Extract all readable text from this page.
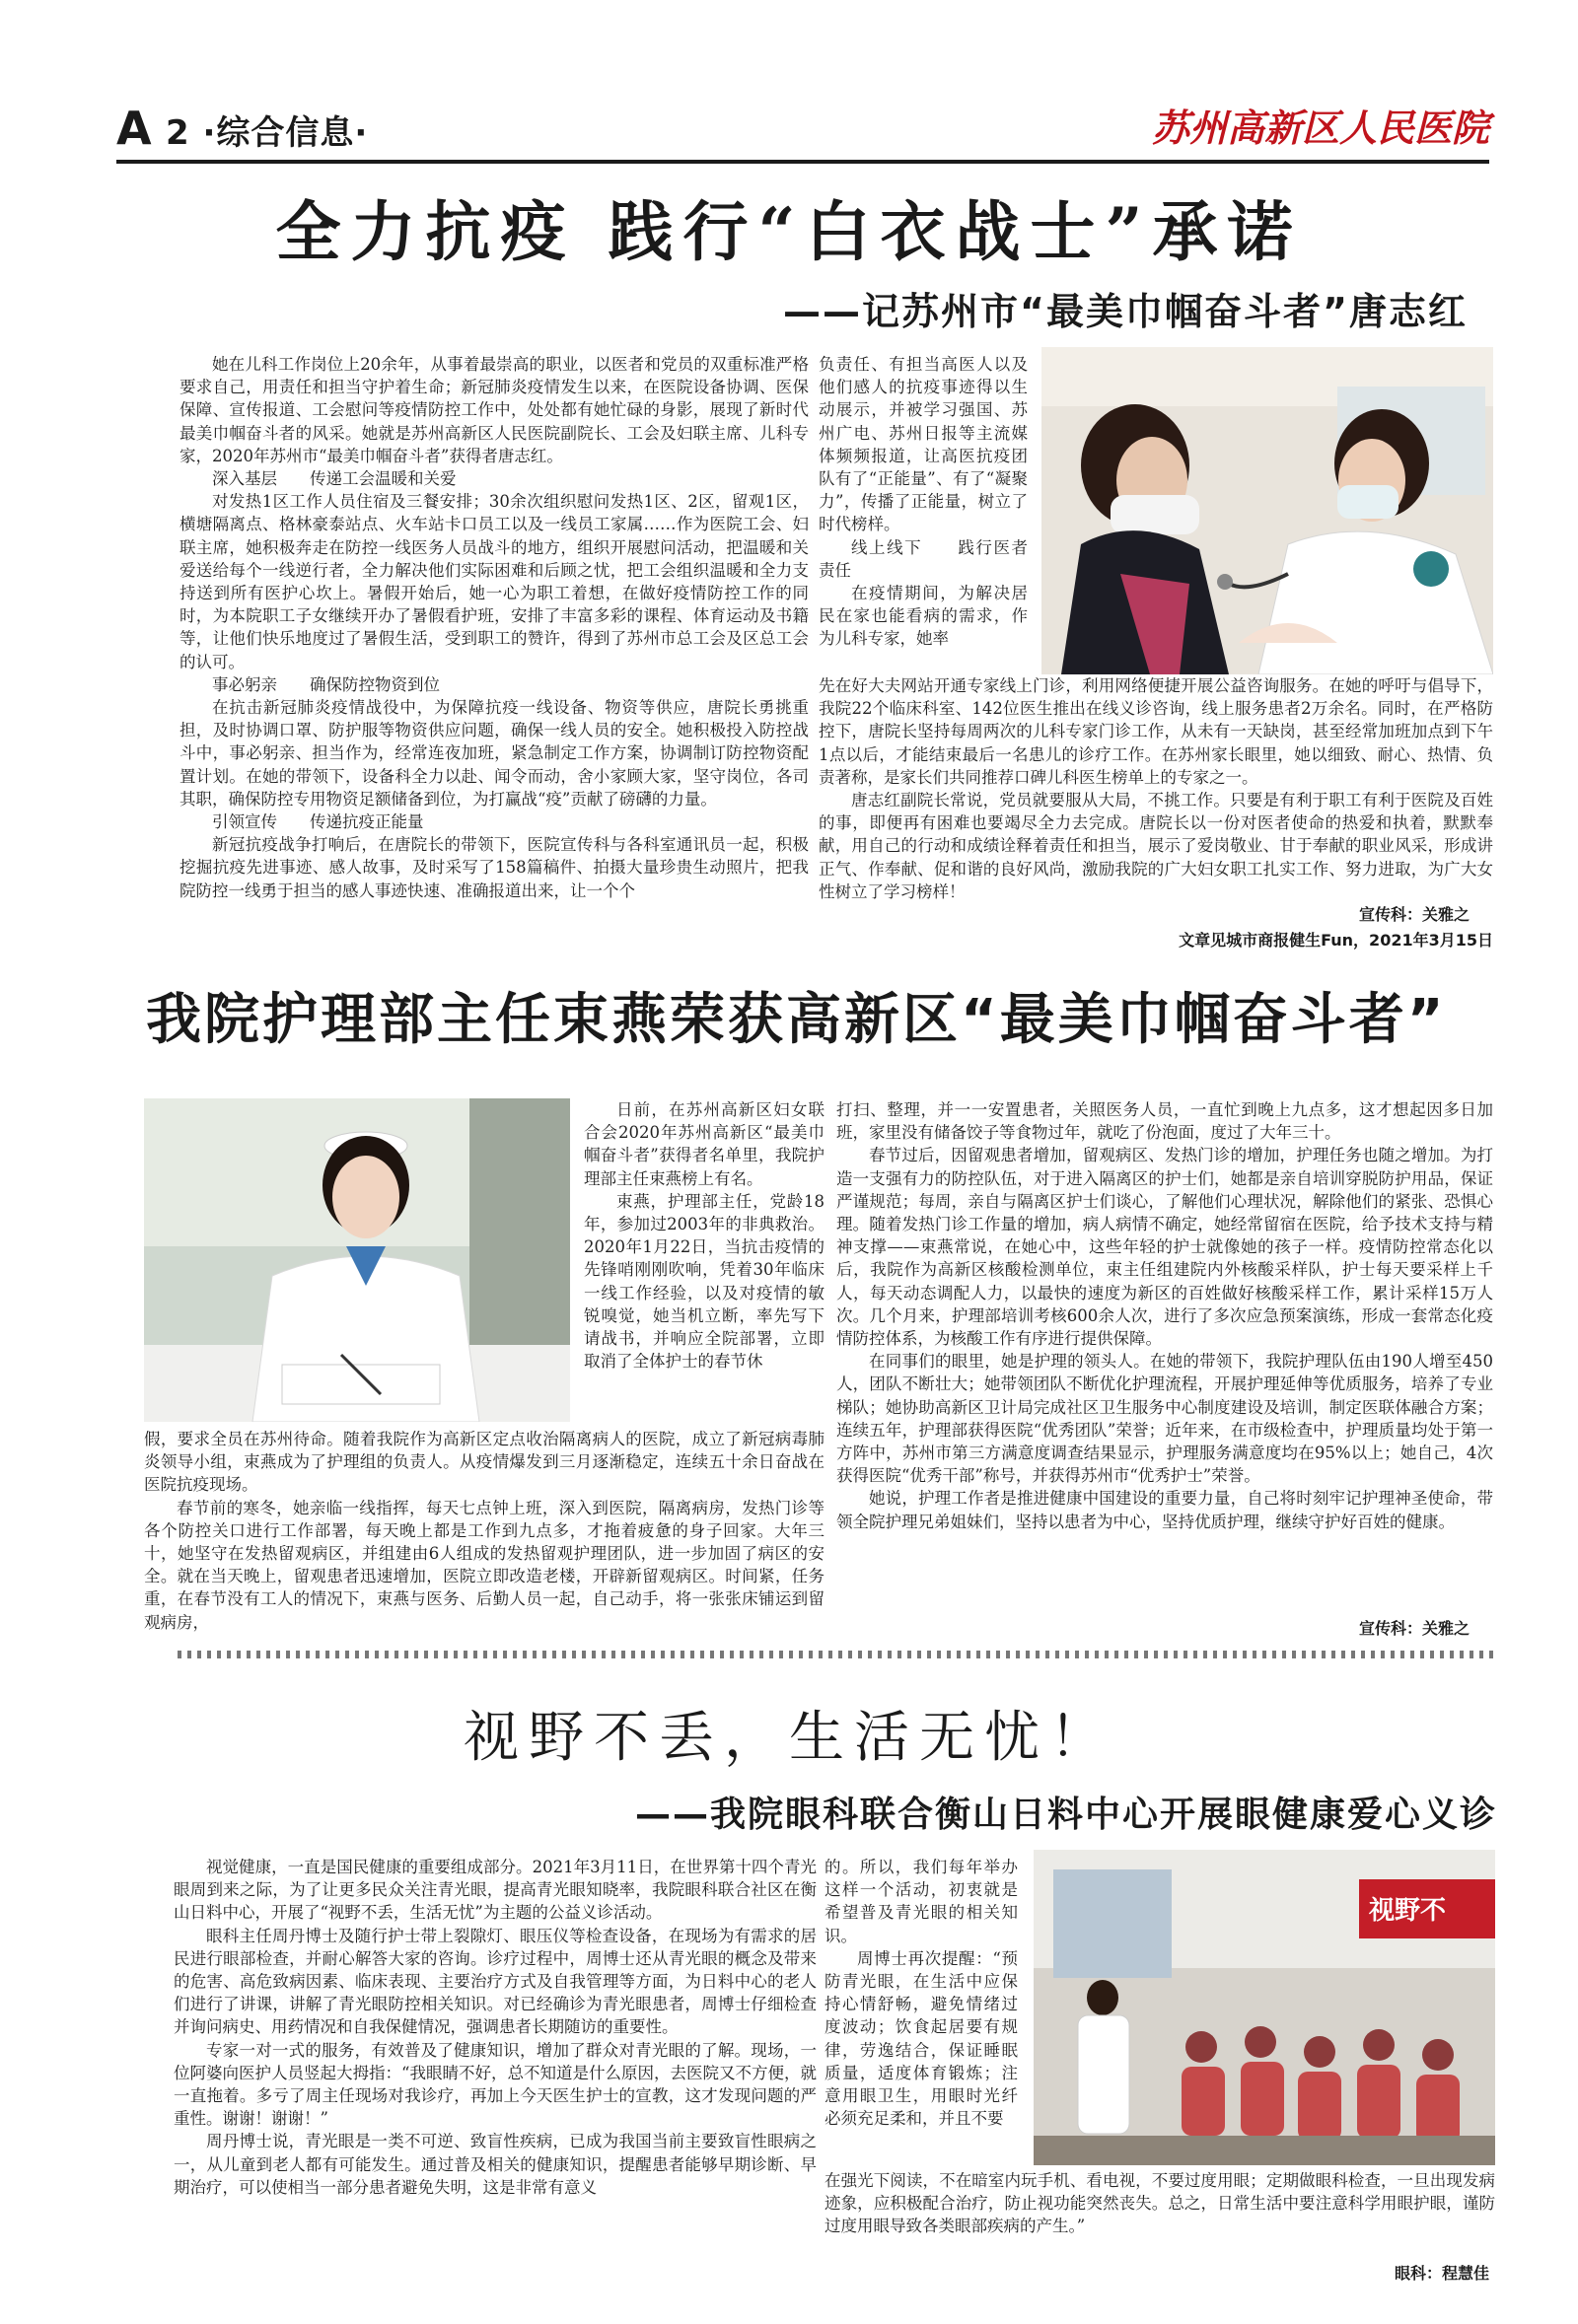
A 2 ·综合信息·	苏州高新区人民医院
全力抗疫 践行“白衣战士”承诺
——记苏州市“最美巾帼奋斗者”唐志红

她在儿科工作岗位上20余年，从事着最崇高的职业，以医者和党员的双重标准严格要求自己，用责任和担当守护着生命；新冠肺炎疫情发生以来，在医院设备协调、医保保障、宣传报道、工会慰问等疫情防控工作中，处处都有她忙碌的身影，展现了新时代最美巾帼奋斗者的风采。她就是苏州高新区人民医院副院长、工会及妇联主席、儿科专家，2020年苏州市“最美巾帼奋斗者”获得者唐志红。

深入基层　　传递工会温暖和关爱

对发热1区工作人员住宿及三餐安排；30余次组织慰问发热1区、2区，留观1区，横塘隔离点、格林豪泰站点、火车站卡口员工以及一线员工家属……作为医院工会、妇联主席，她积极奔走在防控一线医务人员战斗的地方，组织开展慰问活动，把温暖和关爱送给每个一线逆行者，全力解决他们实际困难和后顾之忧，把工会组织温暖和全力支持送到所有医护心坎上。暑假开始后，她一心为职工着想，在做好疫情防控工作的同时，为本院职工子女继续开办了暑假看护班，安排了丰富多彩的课程、体育运动及书籍等，让他们快乐地度过了暑假生活，受到职工的赞许，得到了苏州市总工会及区总工会的认可。

事必躬亲　　确保防控物资到位

在抗击新冠肺炎疫情战役中，为保障抗疫一线设备、物资等供应，唐院长勇挑重担，及时协调口罩、防护服等物资供应问题，确保一线人员的安全。她积极投入防控战斗中，事必躬亲、担当作为，经常连夜加班，紧急制定工作方案，协调制订防控物资配置计划。在她的带领下，设备科全力以赴、闻令而动，舍小家顾大家，坚守岗位，各司其职，确保防控专用物资足额储备到位，为打赢战“疫”贡献了磅礴的力量。

引领宣传　　传递抗疫正能量

新冠抗疫战争打响后，在唐院长的带领下，医院宣传科与各科室通讯员一起，积极挖掘抗疫先进事迹、感人故事，及时采写了158篇稿件、拍摄大量珍贵生动照片，把我院防控一线勇于担当的感人事迹快速、准确报道出来，让一个个

负责任、有担当高医人以及他们感人的抗疫事迹得以生动展示，并被学习强国、苏州广电、苏州日报等主流媒体频频报道，让高医抗疫团队有了“正能量”、有了“凝聚力”，传播了正能量，树立了时代榜样。

线上线下　　践行医者责任

在疫情期间，为解决居民在家也能看病的需求，作为儿科专家，她率

先在好大夫网站开通专家线上门诊，利用网络便捷开展公益咨询服务。在她的呼吁与倡导下，我院22个临床科室、142位医生推出在线义诊咨询，线上服务患者2万余名。同时，在严格防控下，唐院长坚持每周两次的儿科专家门诊工作，从未有一天缺岗，甚至经常加班加点到下午1点以后，才能结束最后一名患儿的诊疗工作。在苏州家长眼里，她以细致、耐心、热情、负责著称，是家长们共同推荐口碑儿科医生榜单上的专家之一。

唐志红副院长常说，党员就要服从大局，不挑工作。只要是有利于职工有利于医院及百姓的事，即便再有困难也要竭尽全力去完成。唐院长以一份对医者使命的热爱和执着，默默奉献，用自己的行动和成绩诠释着责任和担当，展示了爱岗敬业、甘于奉献的职业风采，形成讲正气、作奉献、促和谐的良好风尚，激励我院的广大妇女职工扎实工作、努力进取，为广大女性树立了学习榜样！

宣传科：关雅之
文章见城市商报健生Fun，2021年3月15日
我院护理部主任束燕荣获高新区“最美巾帼奋斗者”

日前，在苏州高新区妇女联合会2020年苏州高新区“最美巾帼奋斗者”获得者名单里，我院护理部主任束燕榜上有名。

束燕，护理部主任，党龄18年，参加过2003年的非典救治。2020年1月22日，当抗击疫情的先锋哨刚刚吹响，凭着30年临床一线工作经验，以及对疫情的敏锐嗅觉，她当机立断，率先写下请战书，并响应全院部署，立即取消了全体护士的春节休

假，要求全员在苏州待命。随着我院作为高新区定点收治隔离病人的医院，成立了新冠病毒肺炎领导小组，束燕成为了护理组的负责人。从疫情爆发到三月逐渐稳定，连续五十余日奋战在医院抗疫现场。

春节前的寒冬，她亲临一线指挥，每天七点钟上班，深入到医院，隔离病房，发热门诊等各个防控关口进行工作部署，每天晚上都是工作到九点多，才拖着疲惫的身子回家。大年三十，她坚守在发热留观病区，并组建由6人组成的发热留观护理团队，进一步加固了病区的安全。就在当天晚上，留观患者迅速增加，医院立即改造老楼，开辟新留观病区。时间紧，任务重，在春节没有工人的情况下，束燕与医务、后勤人员一起，自己动手，将一张张床铺运到留观病房，

打扫、整理，并一一安置患者，关照医务人员，一直忙到晚上九点多，这才想起因多日加班，家里没有储备饺子等食物过年，就吃了份泡面，度过了大年三十。

春节过后，因留观患者增加，留观病区、发热门诊的增加，护理任务也随之增加。为打造一支强有力的防控队伍，对于进入隔离区的护士们，她都是亲自培训穿脱防护用品，保证严谨规范；每周，亲自与隔离区护士们谈心，了解他们心理状况，解除他们的紧张、恐惧心理。随着发热门诊工作量的增加，病人病情不确定，她经常留宿在医院，给予技术支持与精神支撑——束燕常说，在她心中，这些年轻的护士就像她的孩子一样。疫情防控常态化以后，我院作为高新区核酸检测单位，束主任组建院内外核酸采样队，护士每天要采样上千人，每天动态调配人力，以最快的速度为新区的百姓做好核酸采样工作，累计采样15万人次。几个月来，护理部培训考核600余人次，进行了多次应急预案演练，形成一套常态化疫情防控体系，为核酸工作有序进行提供保障。

在同事们的眼里，她是护理的领头人。在她的带领下，我院护理队伍由190人增至450人，团队不断壮大；她带领团队不断优化护理流程，开展护理延伸等优质服务，培养了专业梯队；她协助高新区卫计局完成社区卫生服务中心制度建设及培训，制定医联体融合方案；连续五年，护理部获得医院“优秀团队”荣誉；近年来，在市级检查中，护理质量均处于第一方阵中，苏州市第三方满意度调查结果显示，护理服务满意度均在95%以上；她自己，4次获得医院“优秀干部”称号，并获得苏州市“优秀护士”荣誉。

她说，护理工作者是推进健康中国建设的重要力量，自己将时刻牢记护理神圣使命，带领全院护理兄弟姐妹们，坚持以患者为中心，坚持优质护理，继续守护好百姓的健康。

宣传科：关雅之
视野不丢，生活无忧！
——我院眼科联合衡山日料中心开展眼健康爱心义诊

视觉健康，一直是国民健康的重要组成部分。2021年3月11日，在世界第十四个青光眼周到来之际，为了让更多民众关注青光眼，提高青光眼知晓率，我院眼科联合社区在衡山日料中心，开展了“视野不丢，生活无忧”为主题的公益义诊活动。

眼科主任周丹博士及随行护士带上裂隙灯、眼压仪等检查设备，在现场为有需求的居民进行眼部检查，并耐心解答大家的咨询。诊疗过程中，周博士还从青光眼的概念及带来的危害、高危致病因素、临床表现、主要治疗方式及自我管理等方面，为日料中心的老人们进行了讲课，讲解了青光眼防控相关知识。对已经确诊为青光眼患者，周博士仔细检查并询问病史、用药情况和自我保健情况，强调患者长期随访的重要性。

专家一对一式的服务，有效普及了健康知识，增加了群众对青光眼的了解。现场，一位阿婆向医护人员竖起大拇指：“我眼睛不好，总不知道是什么原因，去医院又不方便，就一直拖着。多亏了周主任现场对我诊疗，再加上今天医生护士的宣教，这才发现问题的严重性。谢谢！谢谢！”

周丹博士说，青光眼是一类不可逆、致盲性疾病，已成为我国当前主要致盲性眼病之一，从儿童到老人都有可能发生。通过普及相关的健康知识，提醒患者能够早期诊断、早期治疗，可以使相当一部分患者避免失明，这是非常有意义

的。所以，我们每年举办这样一个活动，初衷就是希望普及青光眼的相关知识。

周博士再次提醒：“预防青光眼，在生活中应保持心情舒畅，避免情绪过度波动；饮食起居要有规律，劳逸结合，保证睡眠质量，适度体育锻炼；注意用眼卫生，用眼时光纤必须充足柔和，并且不要

视野不

在强光下阅读，不在暗室内玩手机、看电视，不要过度用眼；定期做眼科检查，一旦出现发病迹象，应积极配合治疗，防止视功能突然丧失。总之，日常生活中要注意科学用眼护眼，谨防过度用眼导致各类眼部疾病的产生。”

眼科：程慧佳
